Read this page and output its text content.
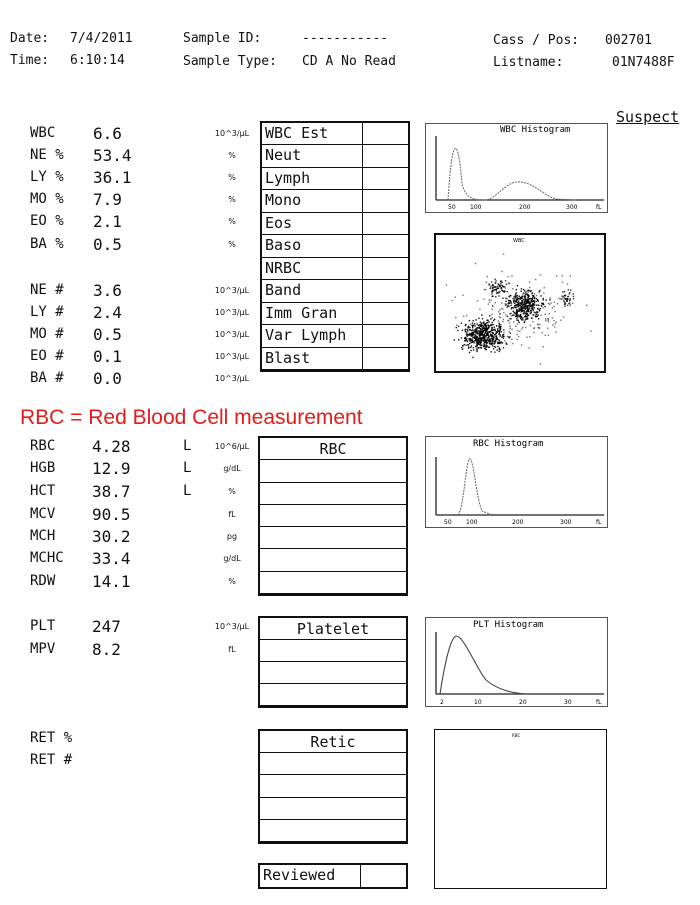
Date: 7/4/2011
Time: 6:10:14
Sample ID:	-----------
Sample Type: CD A No Read
Cass / Pos: 002701
Listname:	01N7488F
Suspect
WBC 6.6	10^3/μL
NE % 53.4	%
LY % 36.1	%
MO % 7.9	%
EO % 2.1	%
BA % 0.5	%
NE # 3.6	10^3/μL
LY # 2.4	10^3/μL
MO # 0.5	10^3/μL
EO # 0.1	10^3/μL
BA # 0.0	10^3/μL
WBC Est
Neut
Lymph
Mono
Eos
Baso
NRBC
Band
Imm Gran
Var Lymph
Blast
WBC Histogram
50 100	200	300	fL
WBC
RBC = Red Blood Cell measurement
RBC 4.28	L	10^6/μL
HGB 12.9	L	g/dL
HCT 38.7	L	%
MCV 90.5	fL
MCH 30.2	pg
MCHC 33.4	g/dL
RDW 14.1	%
RBC	RBC Histogram
50 100	200	300	fL
PLT 247	10^3/μL
MPV 8.2	fL
Platelet	PLT Histogram
2	10	20	30	fL
RET %
RET #
Retic	RBC
Reviewed
